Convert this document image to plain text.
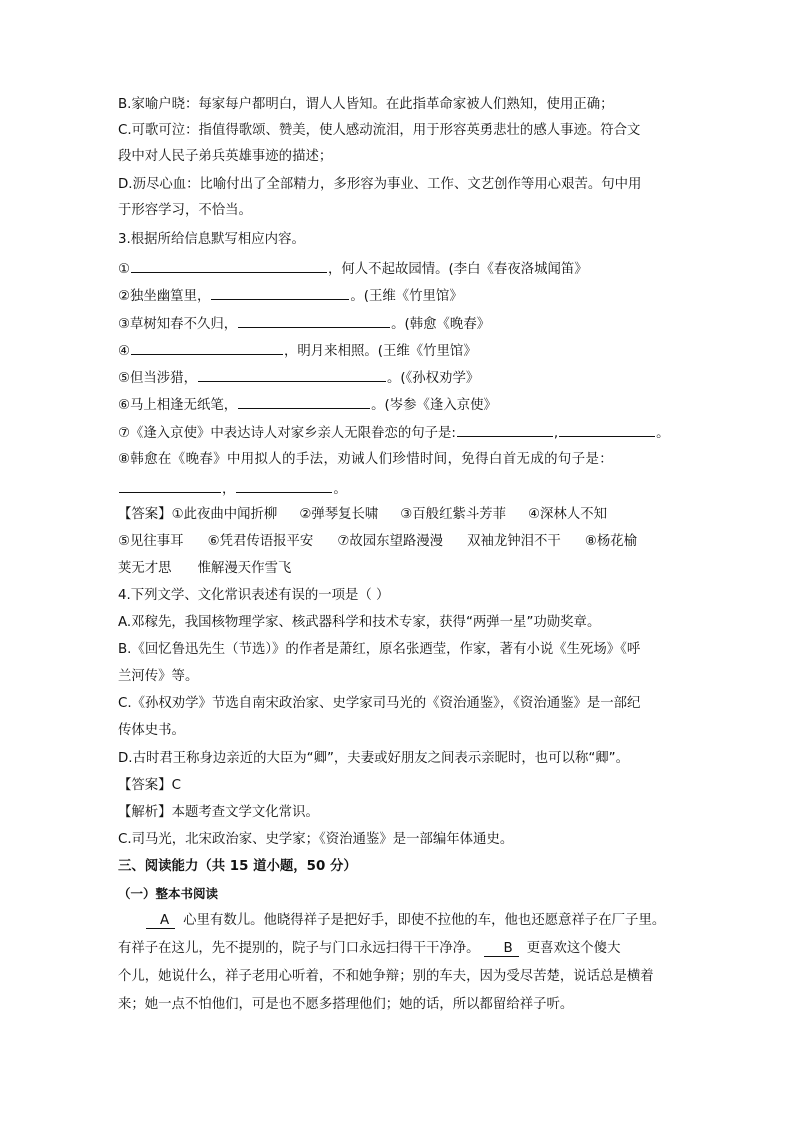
B.家喻户晓：每家每户都明白，谓人人皆知。在此指革命家被人们熟知，使用正确；
C.可歌可泣：指值得歌颂、赞美，使人感动流泪，用于形容英勇悲壮的感人事迹。符合文
段中对人民子弟兵英雄事迹的描述；
D.沥尽心血：比喻付出了全部精力，多形容为事业、工作、文艺创作等用心艰苦。句中用
于形容学习，不恰当。
3.根据所给信息默写相应内容。
①	，何人不起故园情。(李白《春夜洛城闻笛》
②独坐幽篁里，	。(王维《竹里馆》
③草树知春不久归，	。(韩愈《晚春》
④	，明月来相照。(王维《竹里馆》
⑤但当涉猎，	。(《孙权劝学》
⑥马上相逢无纸笔，	。(岑参《逢入京使》
⑦《逢入京使》中表达诗人对家乡亲人无限眷恋的句子是:	,	。
⑧韩愈在《晚春》中用拟人的手法，劝诫人们珍惜时间，免得白首无成的句子是：
，	。
【答案】①此夜曲中闻折柳 ②弹琴复长啸 ③百般红紫斗芳菲 ④深林人不知
⑤见往事耳 ⑥凭君传语报平安 ⑦故园东望路漫漫 双袖龙钟泪不干 ⑧杨花榆
荚无才思 惟解漫天作雪飞
4.下列文学、文化常识表述有误的一项是（ ）
A.邓稼先，我国核物理学家、核武器科学和技术专家，获得“两弹一星”功勋奖章。
B.《回忆鲁迅先生（节选）》的作者是萧红，原名张迺莹，作家，著有小说《生死场》《呼
兰河传》等。
C.《孙权劝学》节选自南宋政治家、史学家司马光的《资治通鉴》，《资治通鉴》是一部纪
传体史书。
D.古时君王称身边亲近的大臣为“卿”，夫妻或好朋友之间表示亲昵时，也可以称“卿”。
【答案】C
【解析】本题考查文学文化常识。
C.司马光，北宋政治家、史学家；《资治通鉴》是一部编年体通史。
三、阅读能力（共 15 道小题，50 分）
（一）整本书阅读
A 心里有数儿。他晓得祥子是把好手，即使不拉他的车，他也还愿意祥子在厂子里。
有祥子在这儿，先不提别的，院子与门口永远扫得干干净净。 B 更喜欢这个傻大
个儿，她说什么，祥子老用心听着，不和她争辩；别的车夫，因为受尽苦楚，说话总是横着
来；她一点不怕他们，可是也不愿多搭理他们；她的话，所以都留给祥子听。
